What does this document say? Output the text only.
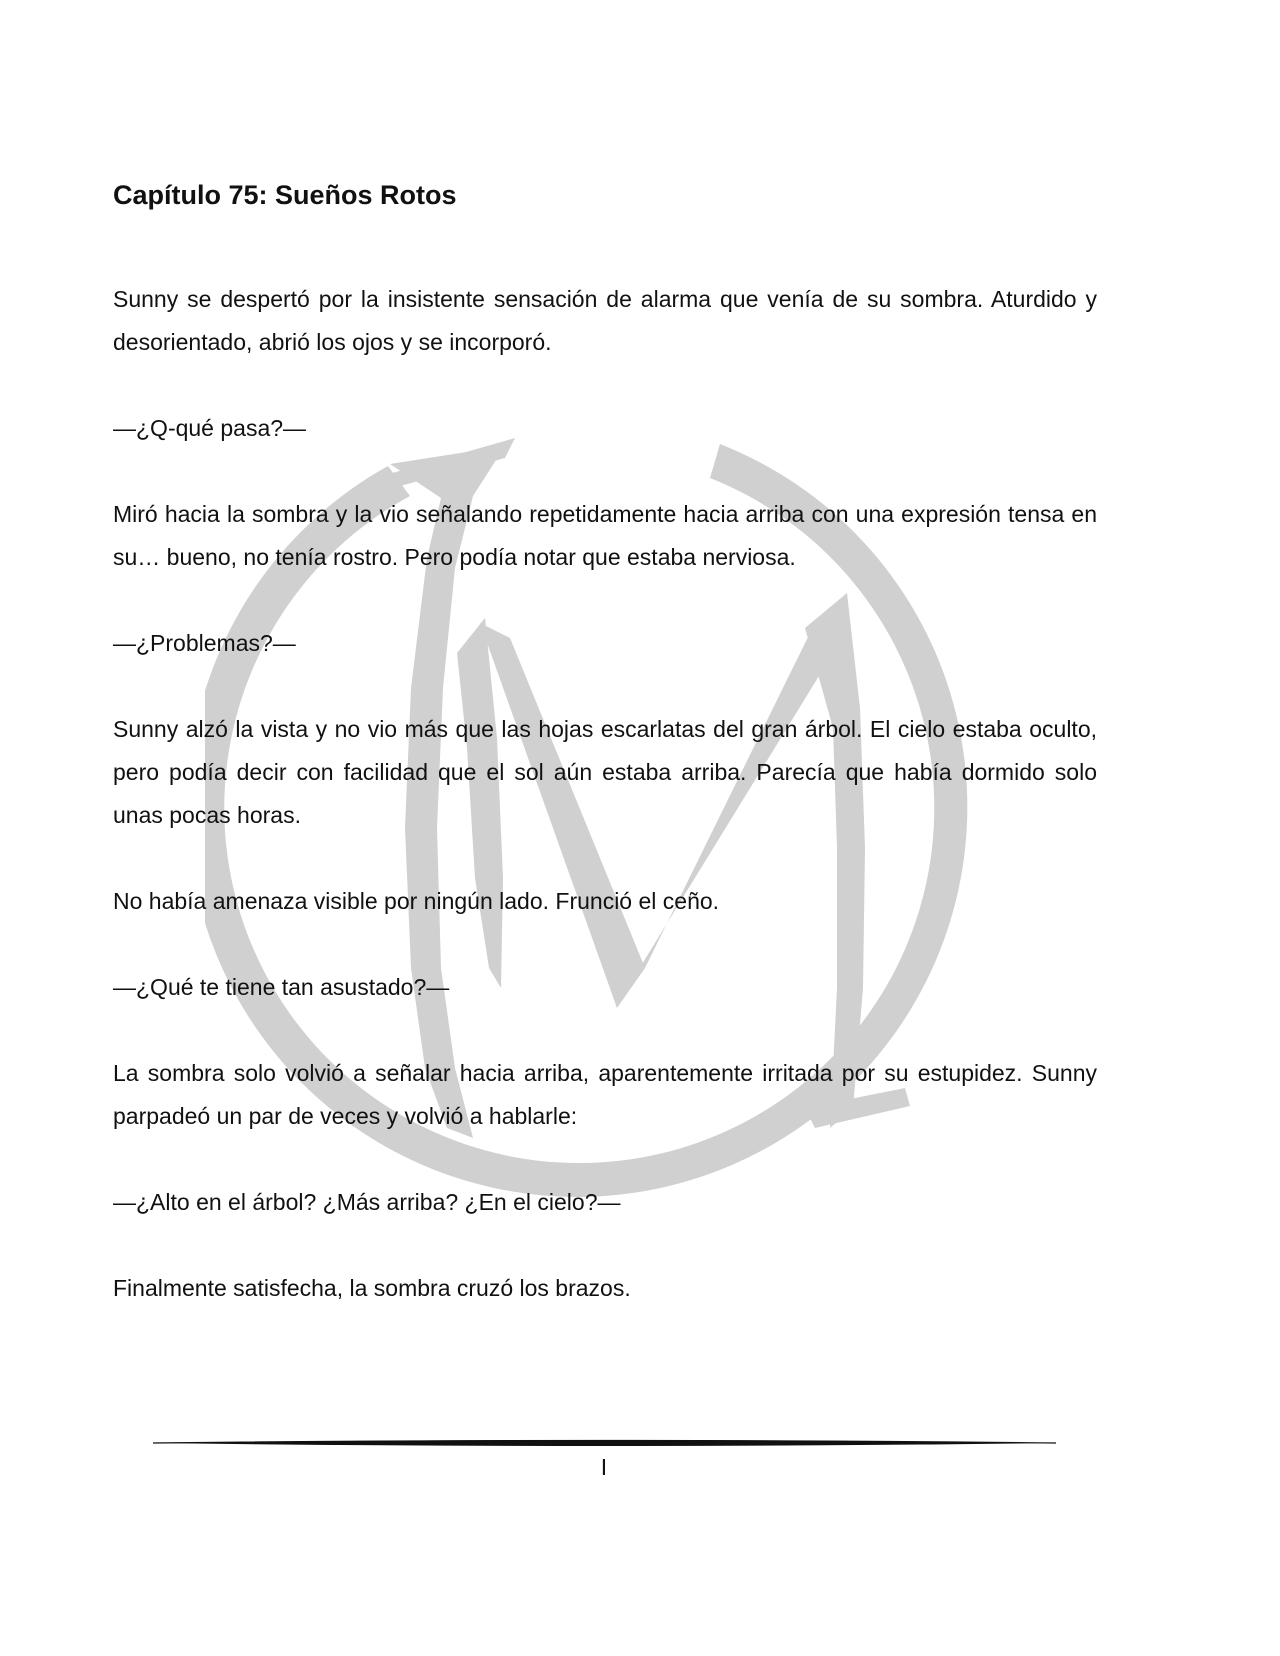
Capítulo 75: Sueños Rotos

Sunny se despertó por la insistente sensación de alarma que venía de su sombra. Aturdido y desorientado, abrió los ojos y se incorporó.

—¿Q-qué pasa?—

Miró hacia la sombra y la vio señalando repetidamente hacia arriba con una expresión tensa en su… bueno, no tenía rostro. Pero podía notar que estaba nerviosa.

—¿Problemas?—

Sunny alzó la vista y no vio más que las hojas escarlatas del gran árbol. El cielo estaba oculto, pero podía decir con facilidad que el sol aún estaba arriba. Parecía que había dormido solo unas pocas horas.

No había amenaza visible por ningún lado. Frunció el ceño.

—¿Qué te tiene tan asustado?—

La sombra solo volvió a señalar hacia arriba, aparentemente irritada por su estupidez. Sunny parpadeó un par de veces y volvió a hablarle:

—¿Alto en el árbol? ¿Más arriba? ¿En el cielo?—

Finalmente satisfecha, la sombra cruzó los brazos.

I
